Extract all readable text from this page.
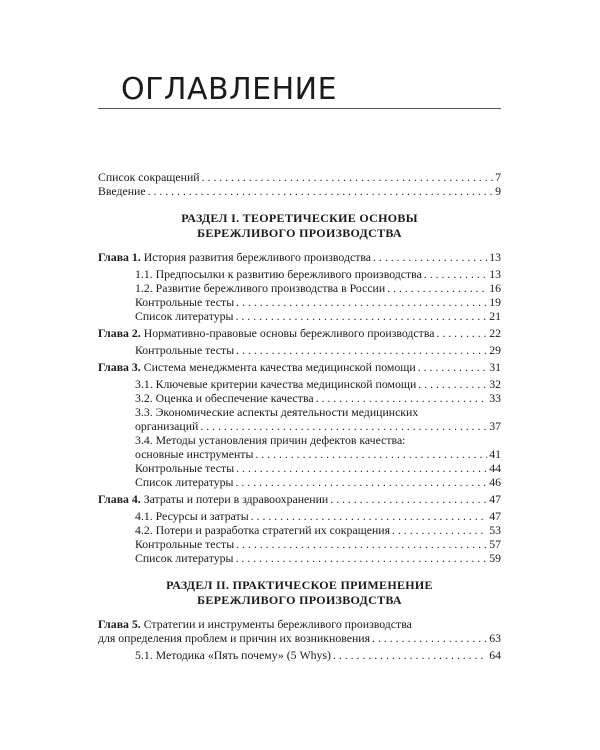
ОГЛАВЛЕНИЕ
Список сокращений . . .	7
Введение . . .	9
РАЗДЕЛ I. ТЕОРЕТИЧЕСКИЕ ОСНОВЫ
БЕРЕЖЛИВОГО ПРОИЗВОДСТВА
Глава 1. История развития бережливого производства . . .	13
1.1. Предпосылки к развитию бережливого производства . . .	13
1.2. Развитие бережливого производства в России . . .	16
Контрольные тесты . . .	19
Список литературы . . .	21
Глава 2. Нормативно-правовые основы бережливого производства . . .	22
Контрольные тесты . . .	29
Глава 3. Система менеджмента качества медицинской помощи . . .	31
3.1. Ключевые критерии качества медицинской помощи . . .	32
3.2. Оценка и обеспечение качества . . .	33
3.3. Экономические аспекты деятельности медицинских
организаций . . .	37
3.4. Методы установления причин дефектов качества:
основные инструменты . . .	41
Контрольные тесты . . .	44
Список литературы . . .	46
Глава 4. Затраты и потери в здравоохранении . . .	47
4.1. Ресурсы и затраты . . .	47
4.2. Потери и разработка стратегий их сокращения . . .	53
Контрольные тесты . . .	57
Список литературы . . .	59
РАЗДЕЛ II. ПРАКТИЧЕСКОЕ ПРИМЕНЕНИЕ
БЕРЕЖЛИВОГО ПРОИЗВОДСТВА
Глава 5. Стратегии и инструменты бережливого производства
для определения проблем и причин их возникновения . . .	63
5.1. Методика «Пять почему» (5 Whys) . . .	64
